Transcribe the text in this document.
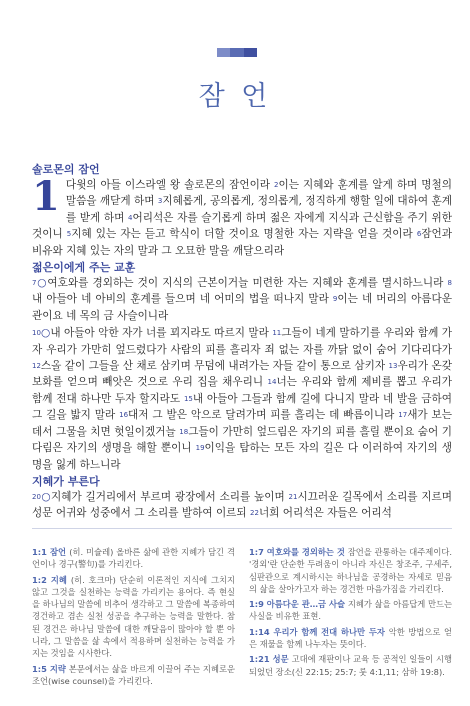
잠 언

솔로몬의 잠언

1 다윗의 아들 이스라엘 왕 솔로몬의 잠언이라 $^2$이는 지혜와 훈계를 알게 하며 명철의 말씀을 깨닫게 하며 $^3$지혜롭게, 공의롭게, 정의롭게, 정직하게 행할 일에 대하여 훈계를 받게 하며 $^4$어리석은 자를 슬기롭게 하며 젊은 자에게 지식과 근신함을 주기 위한 것이니 $^5$지혜 있는 자는 듣고 학식이 더할 것이요 명철한 자는 지략을 얻을 것이라 $^6$잠언과 비유와 지혜 있는 자의 말과 그 오묘한 말을 깨달으리라

젊은이에게 주는 교훈

$^7$○여호와를 경외하는 것이 지식의 근본이거늘 미련한 자는 지혜와 훈계를 멸시하느니라 $^8$내 아들아 네 아비의 훈계를 들으며 네 어미의 법을 떠나지 말라 $^9$이는 네 머리의 아름다운 관이요 네 목의 금 사슬이니라
$^{10}$○내 아들아 악한 자가 너를 꾀지라도 따르지 말라 $^{11}$그들이 네게 말하기를 우리와 함께 가자 우리가 가만히 엎드렸다가 사람의 피를 흘리자 죄 없는 자를 까닭 없이 숨어 기다리다가 $^{12}$스올 같이 그들을 산 채로 삼키며 무덤에 내려가는 자들 같이 통으로 삼키자 $^{13}$우리가 온갖 보화를 얻으며 빼앗은 것으로 우리 집을 채우리니 $^{14}$너는 우리와 함께 제비를 뽑고 우리가 함께 전대 하나만 두자 할지라도 $^{15}$내 아들아 그들과 함께 길에 다니지 말라 네 발을 금하여 그 길을 밟지 말라 $^{16}$대저 그 발은 악으로 달려가며 피를 흘리는 데 빠름이니라 $^{17}$새가 보는 데서 그물을 치면 헛일이겠거늘 $^{18}$그들이 가만히 엎드림은 자기의 피를 흘릴 뿐이요 숨어 기다림은 자기의 생명을 해할 뿐이니 $^{19}$이익을 탐하는 모든 자의 길은 다 이러하여 자기의 생명을 잃게 하느니라

지혜가 부른다

$^{20}$○지혜가 길거리에서 부르며 광장에서 소리를 높이며 $^{21}$시끄러운 길목에서 소리를 지르며 성문 어귀와 성중에서 그 소리를 발하여 이르되 $^{22}$너희 어리석은 자들은 어리석

1:1 잠언 (히. 미슐레) 올바른 삶에 관한 지혜가 담긴 격언이나 경구(警句)를 가리킨다.

1:2 지혜 (히. 호크마) 단순히 이론적인 지식에 그치지 않고 그것을 실천하는 능력을 가리키는 용어다. 즉 현실을 하나님의 말씀에 비추어 생각하고 그 말씀에 복종하여 경건하고 겸손 실천 성공을 추구하는 능력을 말한다. 참된 경건은 하나님 말씀에 대한 깨달음이 많아야 할 뿐 아니라, 그 말씀을 삶 속에서 적용하며 실천하는 능력을 가지는 것임을 시사한다.

1:5 지략 본문에서는 삶을 바르게 이끌어 주는 지혜로운 조언(wise counsel)을 가리킨다.

1:7 여호와를 경외하는 것 잠언을 관통하는 대주제이다. '경외'란 단순한 두려움이 아니라 자신은 창조주, 구세주, 심판관으로 계시하시는 하나님을 공경하는 자세로 믿음의 삶을 살아가고자 하는 경건한 마음가짐을 가리킨다.

1:9 아름다운 관…금 사슬 지혜가 삶을 아름답게 만드는 사실을 비유한 표현.

1:14 우리가 함께 전대 하나만 두자 악한 방법으로 얻은 재물을 함께 나누자는 뜻이다.

1:21 성문 고대에 재판이나 교육 등 공적인 일들이 시행되었던 장소(신 22:15; 25:7; 룻 4:1,11; 삼하 19:8).
